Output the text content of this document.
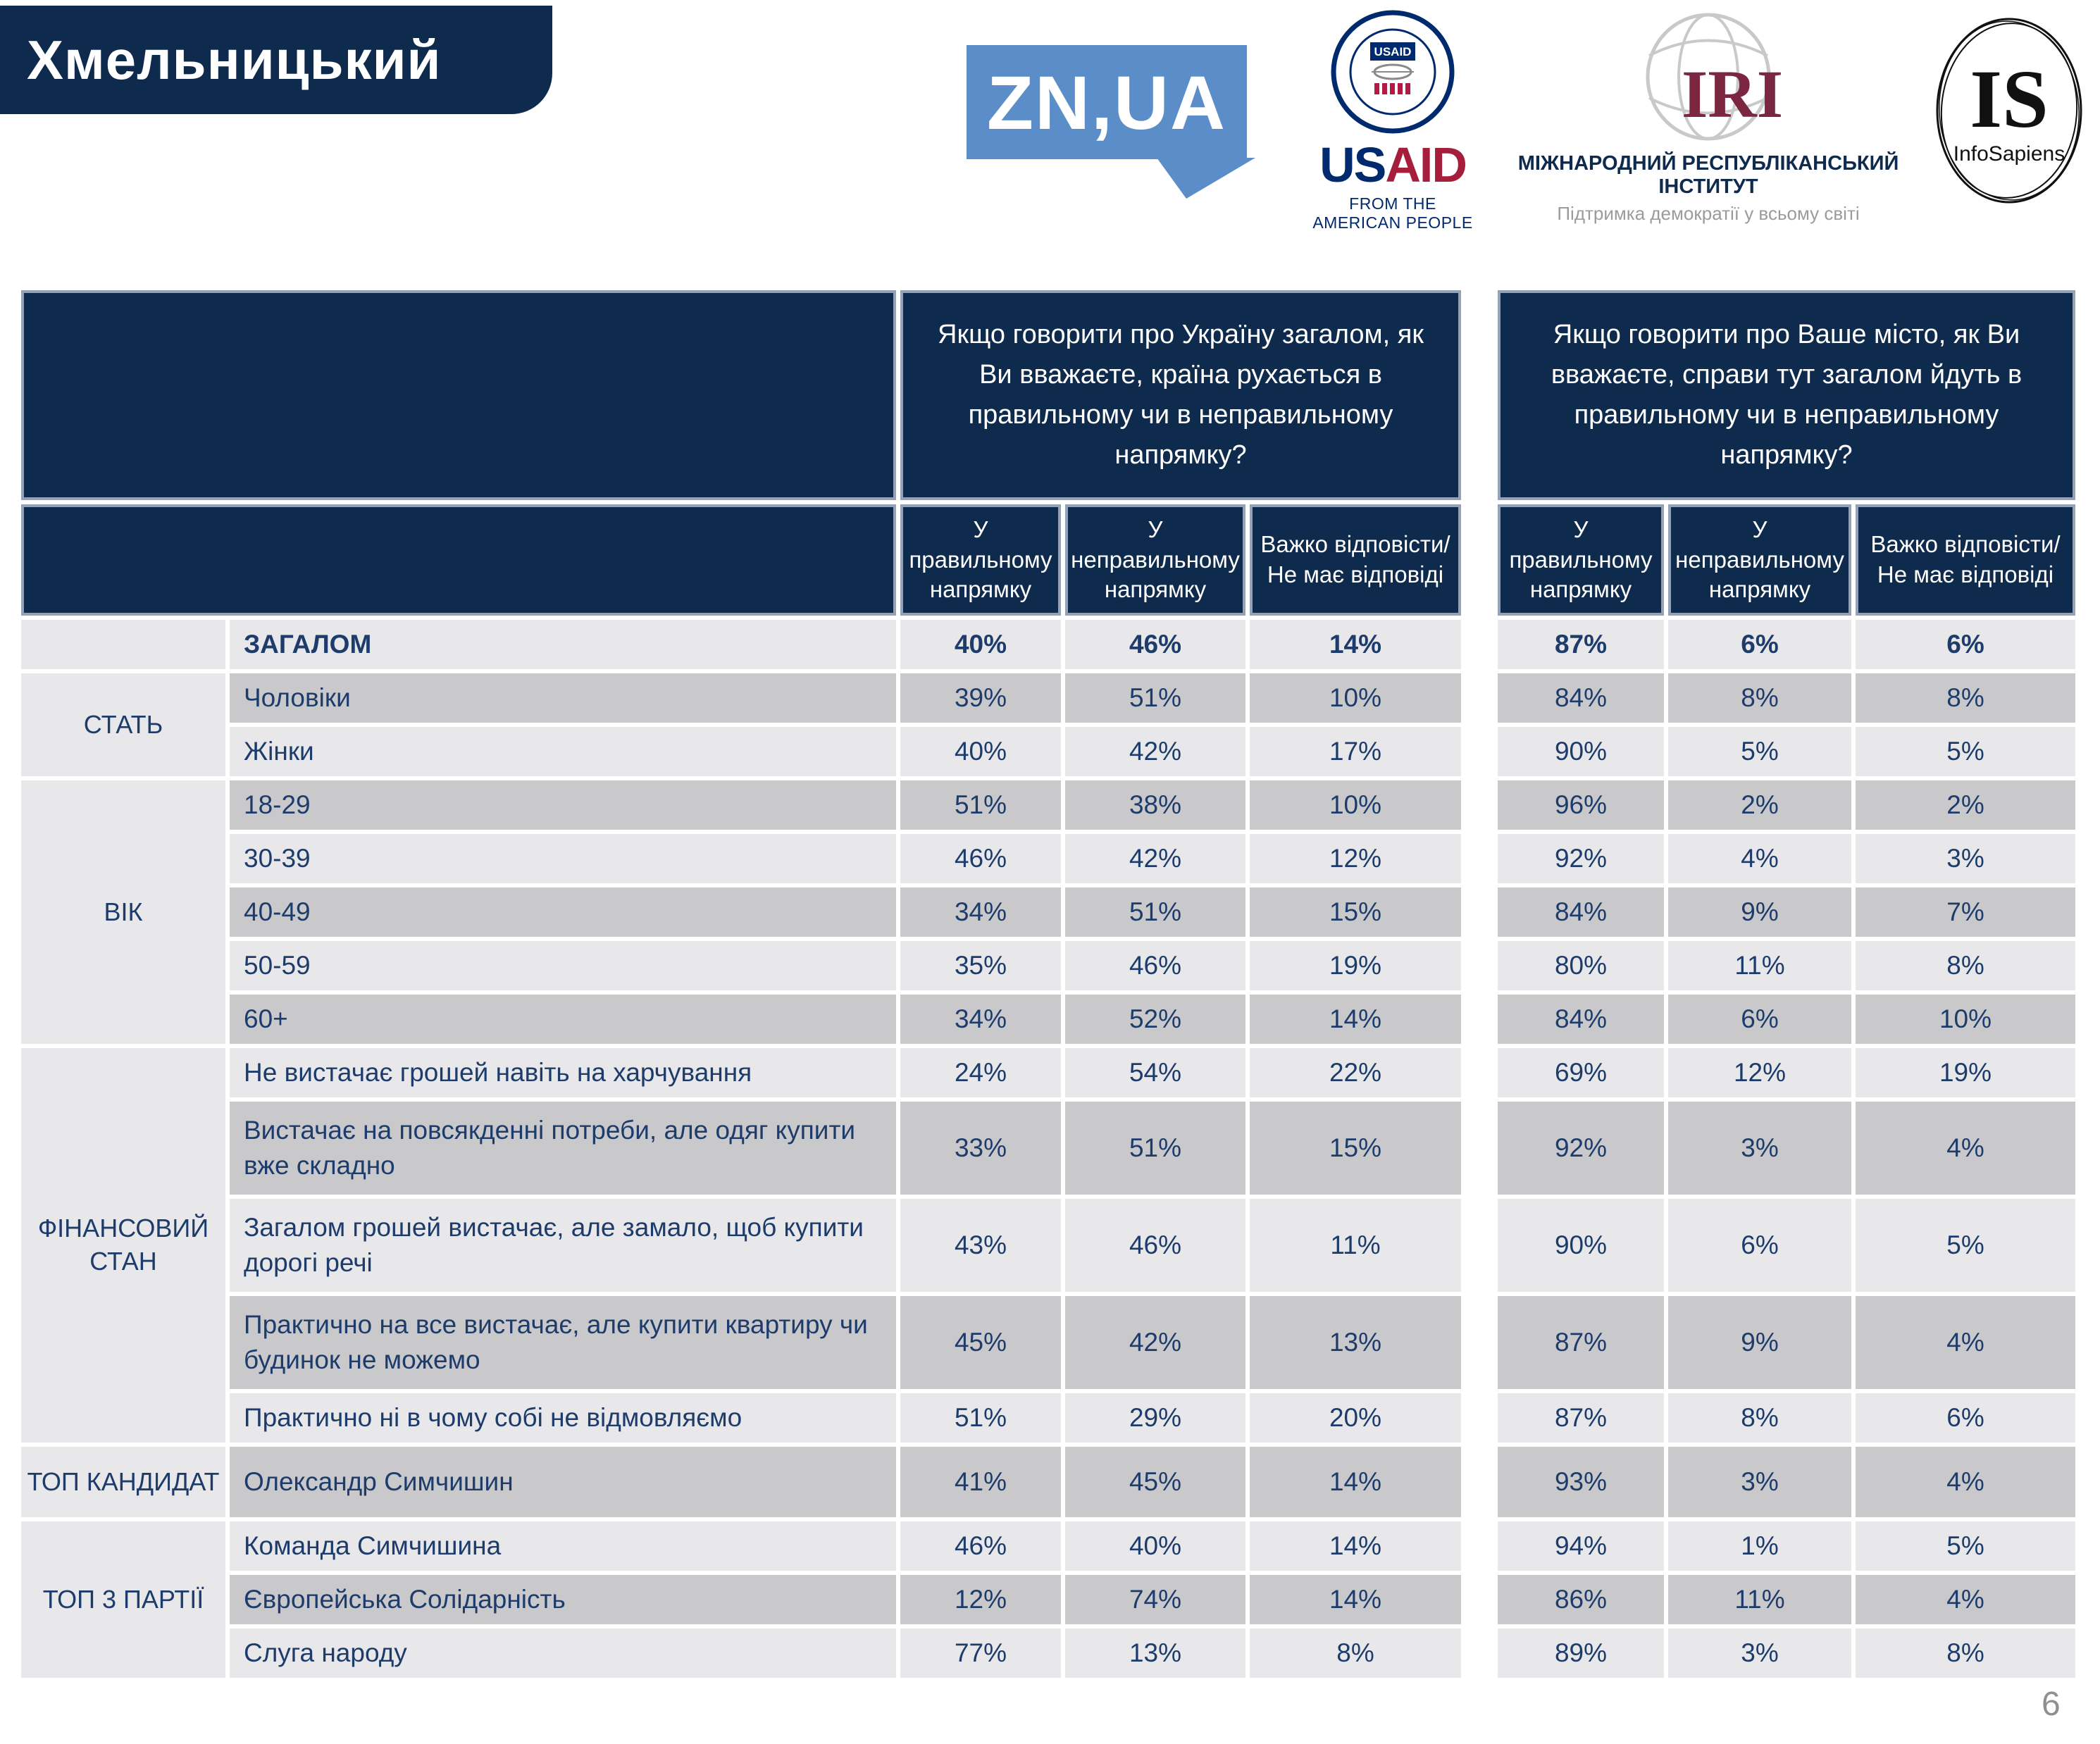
Хмельницький	ZN,UA
USAID
USAID
FROM THE AMERICAN PEOPLE
IRI
МІЖНАРОДНИЙ РЕСПУБЛІКАНСЬКИЙ ІНСТИТУТ
Підтримка демократії у всьому світі
IS
InfoSapiens
		Якщо говорити про Україну загалом, як Ви вважаєте, країна рухається в правильному чи в неправильному напрямку?				Якщо говорити про Ваше місто, як Ви вважаєте, справи тут загалом йдуть в правильному чи в неправильному напрямку?		
		У правильному напрямку	У неправильному напрямку	Важко відповісти/Не має відповіді		У правильному напрямку	У неправильному напрямку	Важко відповісти/Не має відповіді
	ЗАГАЛОМ	40%	46%	14%		87%	6%	6%
СТАТЬ	Чоловіки	39%	51%	10%		84%	8%	8%
	Жінки	40%	42%	17%		90%	5%	5%
ВІК	18-29	51%	38%	10%		96%	2%	2%
	30-39	46%	42%	12%		92%	4%	3%
	40-49	34%	51%	15%		84%	9%	7%
	50-59	35%	46%	19%		80%	11%	8%
	60+	34%	52%	14%		84%	6%	10%
ФІНАНСОВИЙ СТАН	Не вистачає грошей навіть на харчування	24%	54%	22%		69%	12%	19%
	Вистачає на повсякденні потреби, але одяг купити вже складно	33%	51%	15%		92%	3%	4%
	Загалом грошей вистачає, але замало, щоб купити дорогі речі	43%	46%	11%		90%	6%	5%
	Практично на все вистачає, але купити квартиру чи будинок не можемо	45%	42%	13%		87%	9%	4%
	Практично ні в чому собі не відмовляємо	51%	29%	20%		87%	8%	6%
ТОП КАНДИДАТ	Олександр Симчишин	41%	45%	14%		93%	3%	4%
ТОП 3 ПАРТІЇ	Команда Симчишина	46%	40%	14%		94%	1%	5%
	Європейська Солідарність	12%	74%	14%		86%	11%	4%
	Слуга народу	77%	13%	8%		89%	3%	8%
6
